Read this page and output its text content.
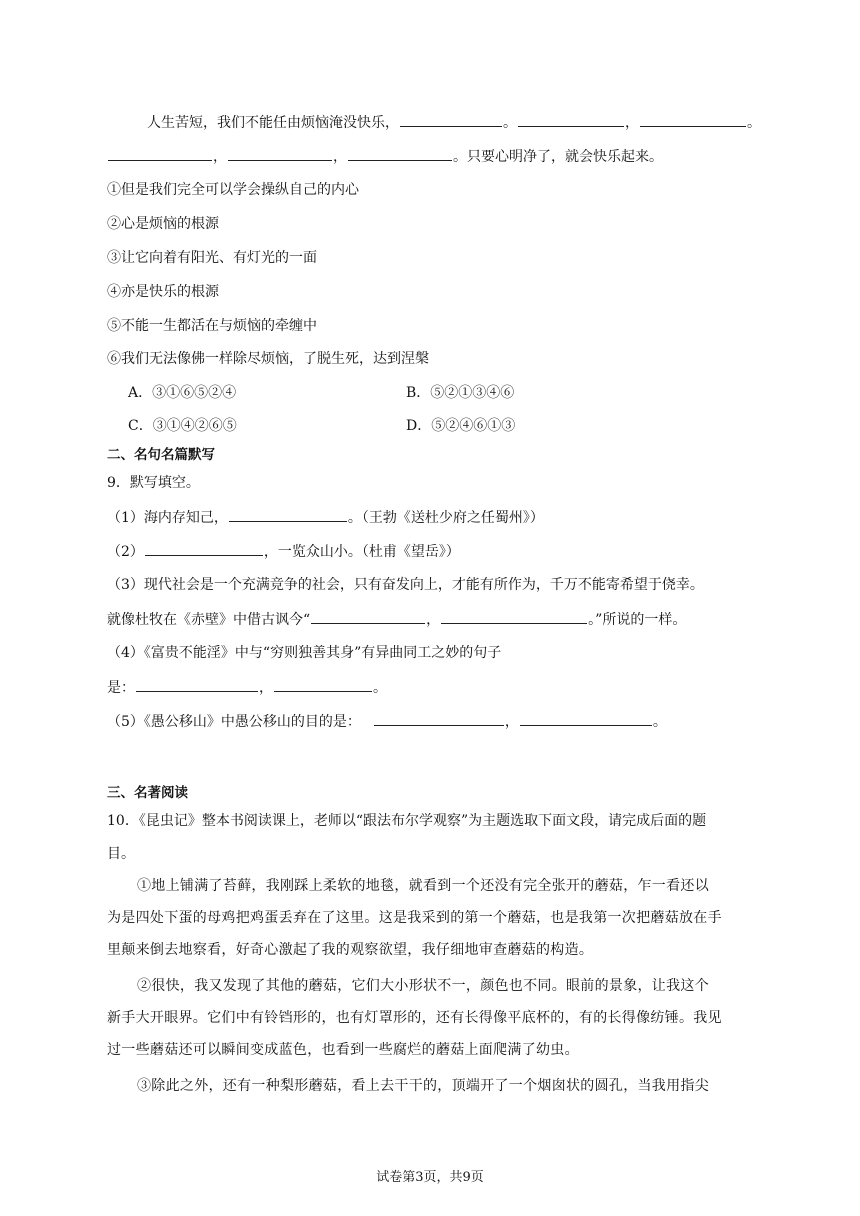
人生苦短，我们不能任由烦恼淹没快乐，	。	，	。
，	，	。只要心明净了，就会快乐起来。
①但是我们完全可以学会操纵自己的内心
②心是烦恼的根源
③让它向着有阳光、有灯光的一面
④亦是快乐的根源
⑤不能一生都活在与烦恼的牵缠中
⑥我们无法像佛一样除尽烦恼，了脱生死，达到涅槃
A．③①⑥⑤②④	B．⑤②①③④⑥
C．③①④②⑥⑤	D．⑤②④⑥①③
二、名句名篇默写
9．默写填空。
（1）海内存知己，	。（王勃《送杜少府之任蜀州》）
（2）	，一览众山小。（杜甫《望岳》）
（3）现代社会是一个充满竞争的社会，只有奋发向上，才能有所作为，千万不能寄希望于侥幸。
就像杜牧在《赤壁》中借古讽今“	，	。”所说的一样。
（4）《富贵不能淫》中与“穷则独善其身”有异曲同工之妙的句子
是：	，	。
（5）《愚公移山》中愚公移山的目的是：	，	。
三、名著阅读
10．《昆虫记》整本书阅读课上，老师以“跟法布尔学观察”为主题选取下面文段，请完成后面的题
目。
①地上铺满了苔藓，我刚踩上柔软的地毯，就看到一个还没有完全张开的蘑菇，乍一看还以
为是四处下蛋的母鸡把鸡蛋丢弃在了这里。这是我采到的第一个蘑菇，也是我第一次把蘑菇放在手
里颠来倒去地察看，好奇心激起了我的观察欲望，我仔细地审查蘑菇的构造。
②很快，我又发现了其他的蘑菇，它们大小形状不一，颜色也不同。眼前的景象，让我这个
新手大开眼界。它们中有铃铛形的，也有灯罩形的，还有长得像平底杯的，有的长得像纺锤。我见
过一些蘑菇还可以瞬间变成蓝色，也看到一些腐烂的蘑菇上面爬满了幼虫。
③除此之外，还有一种梨形蘑菇，看上去干干的，顶端开了一个烟囱状的圆孔，当我用指尖
试卷第3页，共9页
